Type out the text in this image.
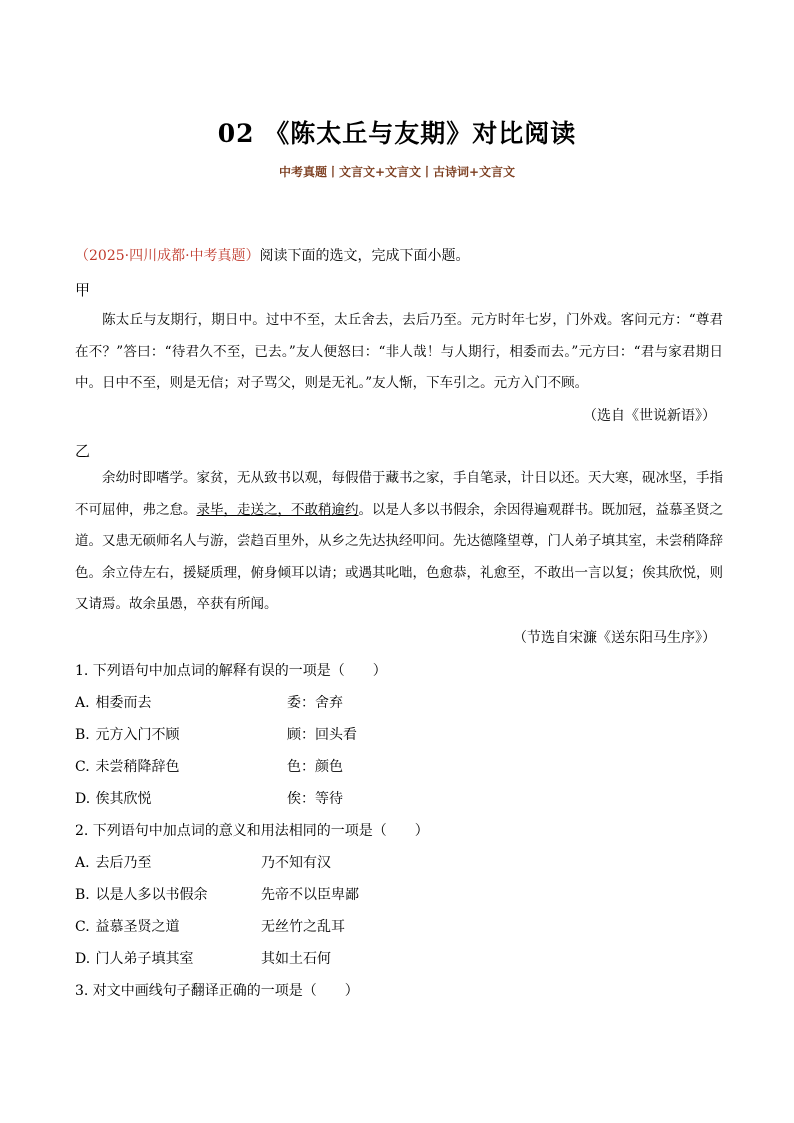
02 《陈太丘与友期》对比阅读
中考真题丨文言文+文言文丨古诗词+文言文
（2025·四川成都·中考真题）阅读下面的选文，完成下面小题。
甲
陈太丘与友期行，期日中。过中不至，太丘舍去，去后乃至。元方时年七岁，门外戏。客问元方：“尊君在不？”答曰：“待君久不至，已去。”友人便怒曰：“非人哉！与人期行，相委而去。”元方曰：“君与家君期日中。日中不至，则是无信；对子骂父，则是无礼。”友人惭，下车引之。元方入门不顾。
（选自《世说新语》）
乙
余幼时即嗜学。家贫，无从致书以观，每假借于藏书之家，手自笔录，计日以还。天大寒，砚冰坚，手指不可屈伸，弗之怠。录毕，走送之，不敢稍逾约。以是人多以书假余，余因得遍观群书。既加冠，益慕圣贤之道。又患无硕师名人与游，尝趋百里外，从乡之先达执经叩问。先达德隆望尊，门人弟子填其室，未尝稍降辞色。余立侍左右，援疑质理，俯身倾耳以请；或遇其叱咄，色愈恭，礼愈至，不敢出一言以复；俟其欣悦，则又请焉。故余虽愚，卒获有所闻。
（节选自宋濂《送东阳马生序》）
1. 下列语句中加点词的解释有误的一项是（　　）
A. 相委而去	委：舍弃
B. 元方入门不顾	顾：回头看
C. 未尝稍降辞色	色：颜色
D. 俟其欣悦	俟：等待
2. 下列语句中加点词的意义和用法相同的一项是（　　）
A. 去后乃至	乃不知有汉
B. 以是人多以书假余	先帝不以臣卑鄙
C. 益慕圣贤之道	无丝竹之乱耳
D. 门人弟子填其室	其如土石何
3. 对文中画线句子翻译正确的一项是（　　）
